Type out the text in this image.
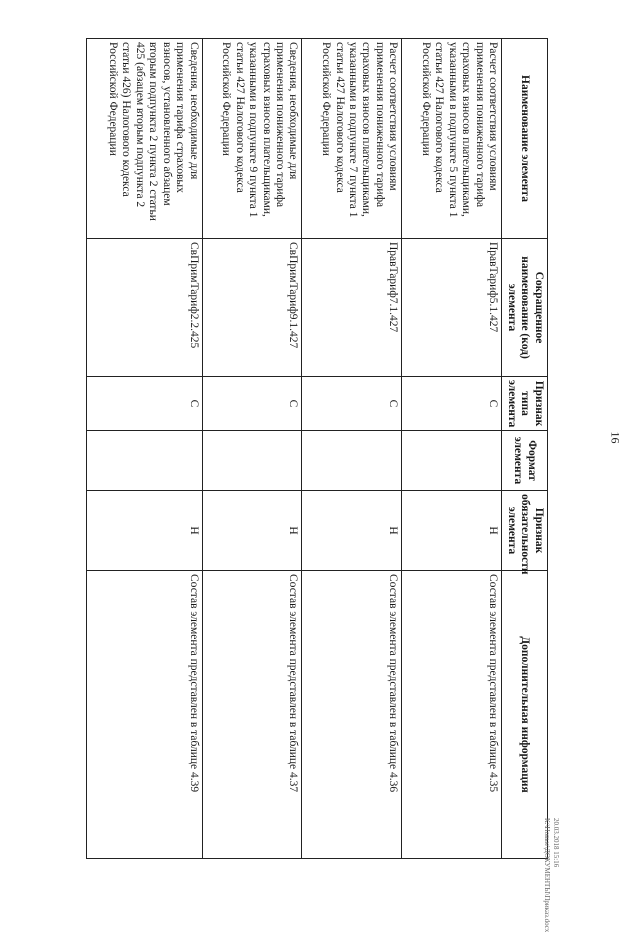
16
Наименование элемента	Сокращенное наименование (код) элемента	Признак типа элемента	Формат элемента	Признак обязательности элемента	Дополнительная информация
Расчет соответствия условиям применения пониженного тарифа страховых взносов плательщиками, указанными в подпункте 5 пункта 1 статьи 427 Налогового кодекса Российской Федерации	ПравТариф5.1.427	С		Н	Состав элемента представлен в таблице 4.35
Расчет соответствия условиям применения пониженного тарифа страховых взносов плательщиками, указанными в подпункте 7 пункта 1 статьи 427 Налогового кодекса Российской Федерации	ПравТариф7.1.427	С		Н	Состав элемента представлен в таблице 4.36
Сведения, необходимые для применения пониженного тарифа страховых взносов плательщиками, указанными в подпункте 9 пункта 1 статьи 427 Налогового кодекса Российской Федерации	СвПримТариф9.1.427	С		Н	Состав элемента представлен в таблице 4.37
Сведения, необходимые для применения тарифа страховых взносов, установленного абзацем вторым подпункта 2 пункта 2 статьи 425 (абзацем вторым подпункта 2 статьи 426) Налогового кодекса Российской Федерации	СвПримТариф2.2.425	С		Н	Состав элемента представлен в таблице 4.39
20.03.2018 15:16
К:\Новые\ДОКУМЕНТЫ\Приказ.docx
